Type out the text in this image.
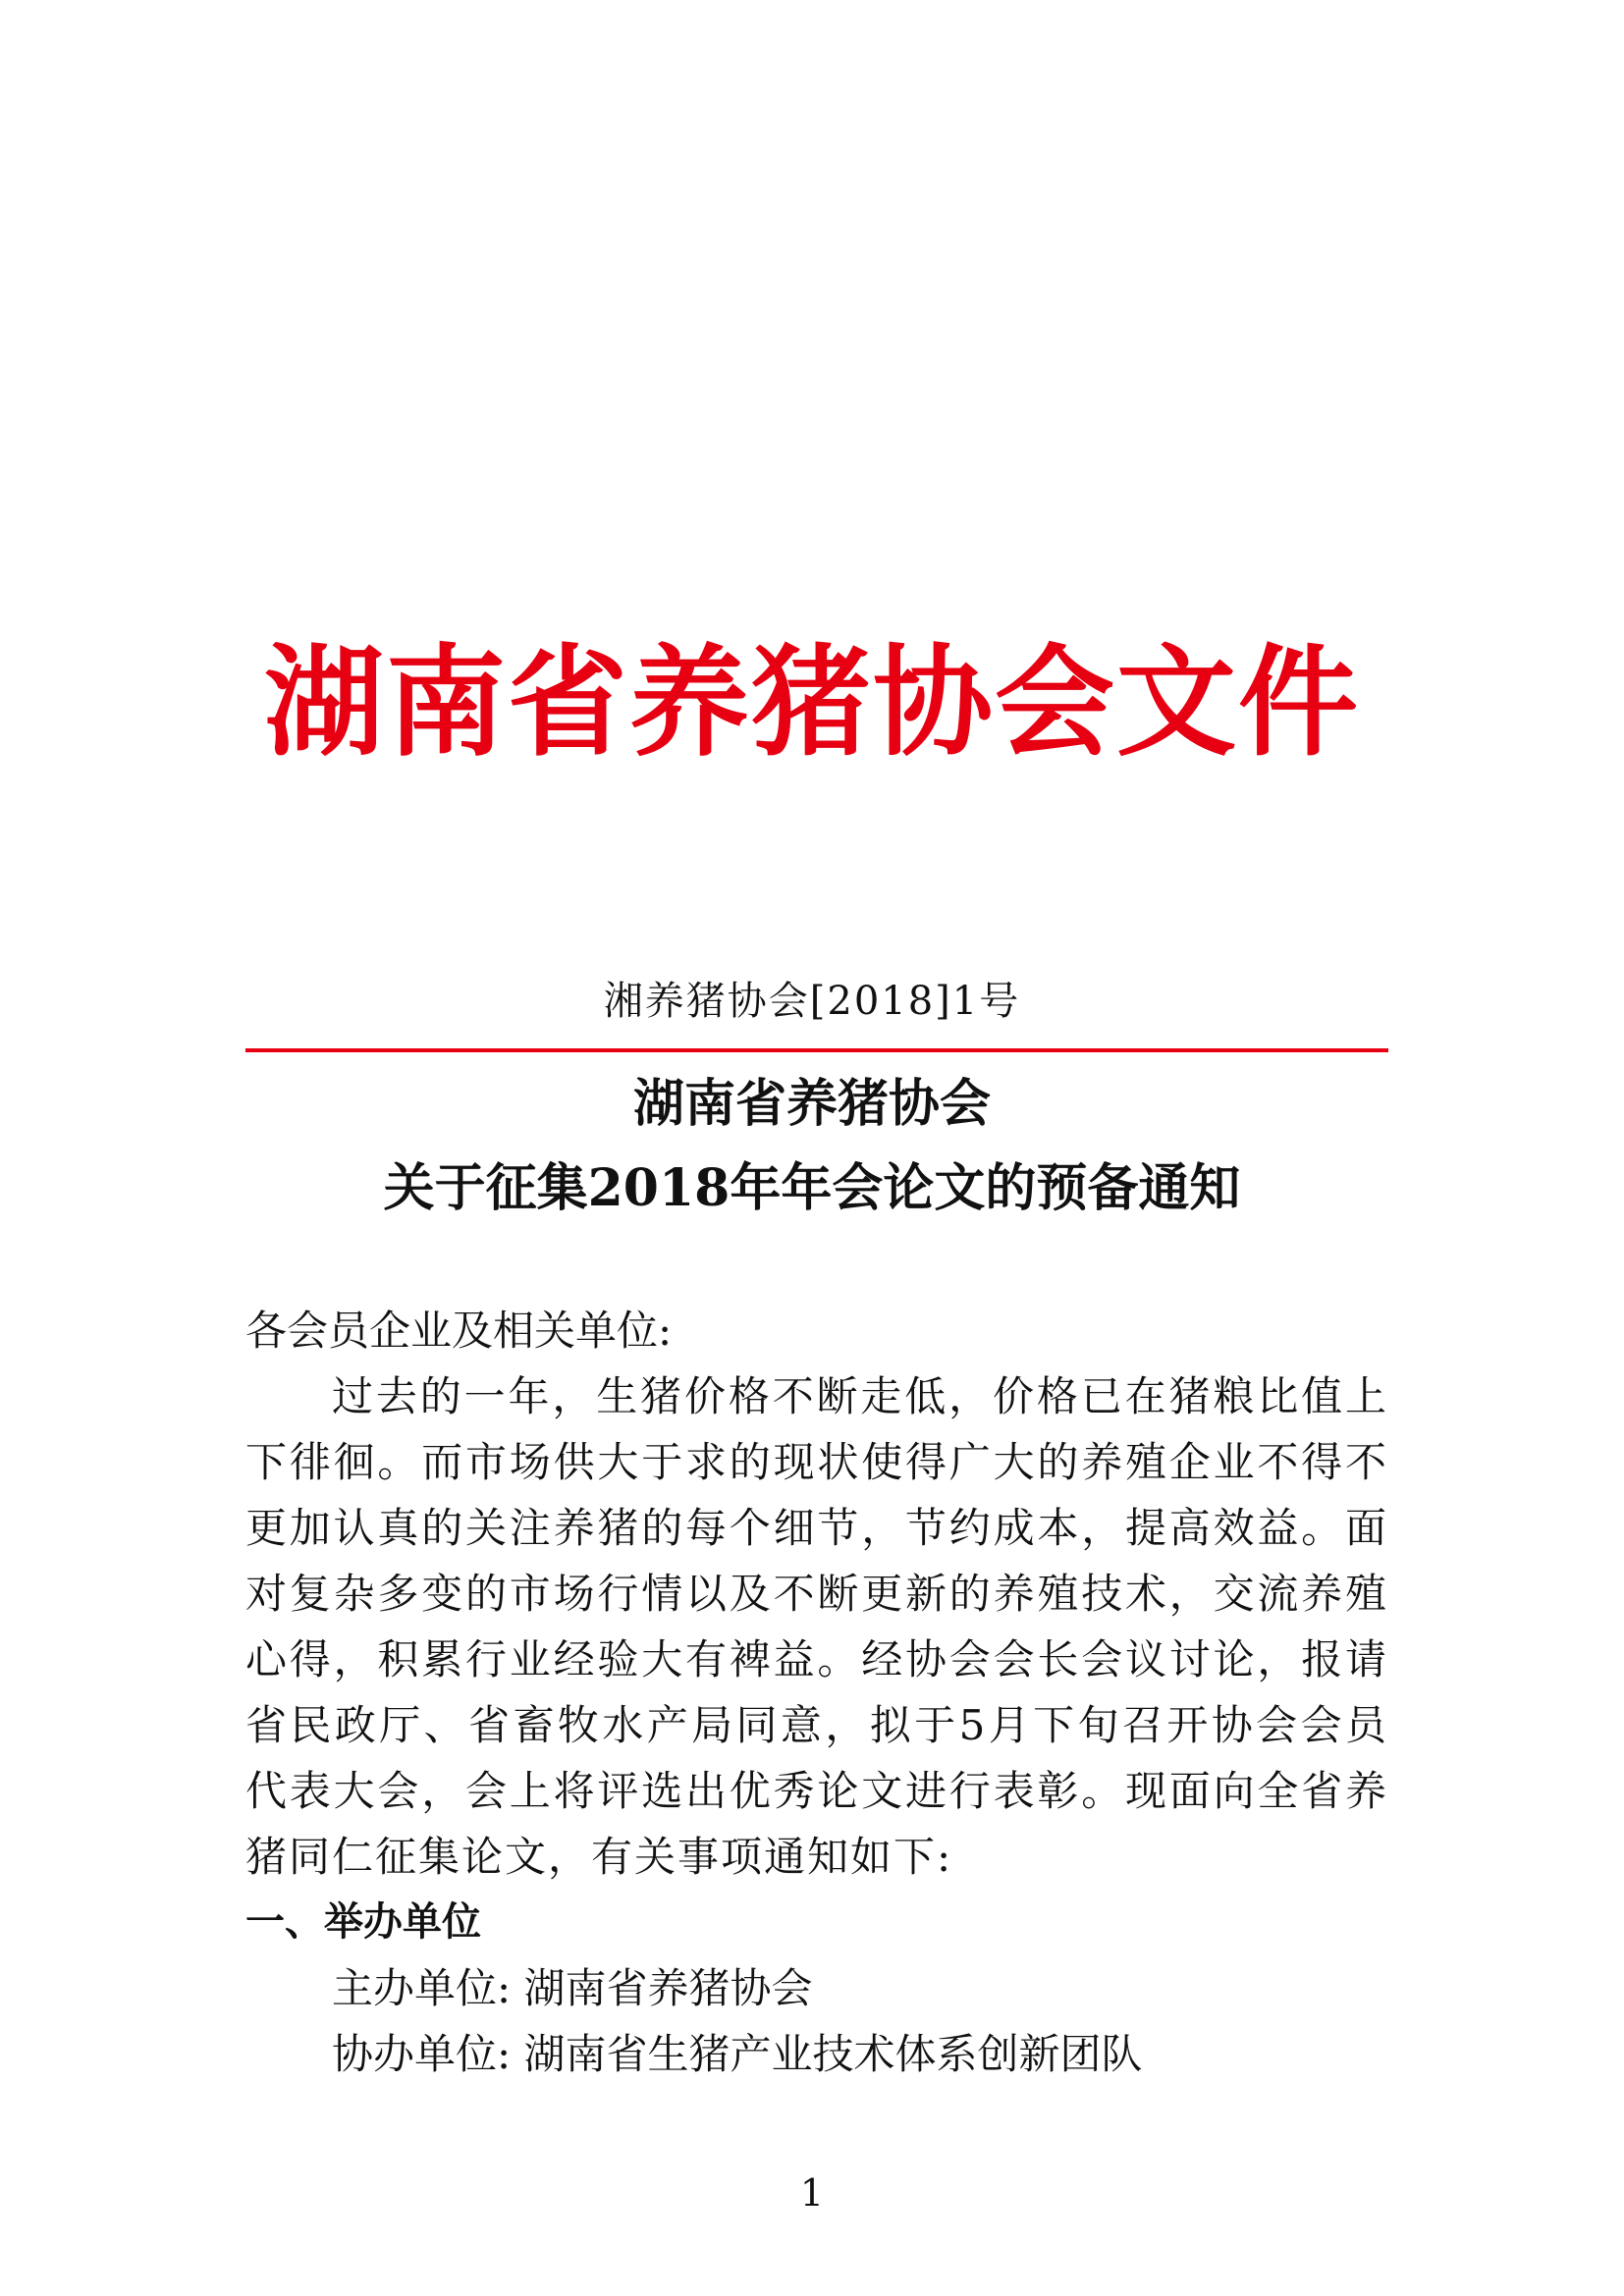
湖南省养猪协会文件
湘养猪协会[2018]1号
湖南省养猪协会
关于征集2018年年会论文的预备通知

各会员企业及相关单位:

过去的一年，生猪价格不断走低，价格已在猪粮比值上下徘徊。而市场供大于求的现状使得广大的养殖企业不得不更加认真的关注养猪的每个细节，节约成本，提高效益。面对复杂多变的市场行情以及不断更新的养殖技术，交流养殖心得，积累行业经验大有裨益。经协会会长会议讨论，报请省民政厅、省畜牧水产局同意，拟于5月下旬召开协会会员代表大会，会上将评选出优秀论文进行表彰。现面向全省养猪同仁征集论文，有关事项通知如下:

一、举办单位

主办单位: 湖南省养猪协会

协办单位: 湖南省生猪产业技术体系创新团队

1
